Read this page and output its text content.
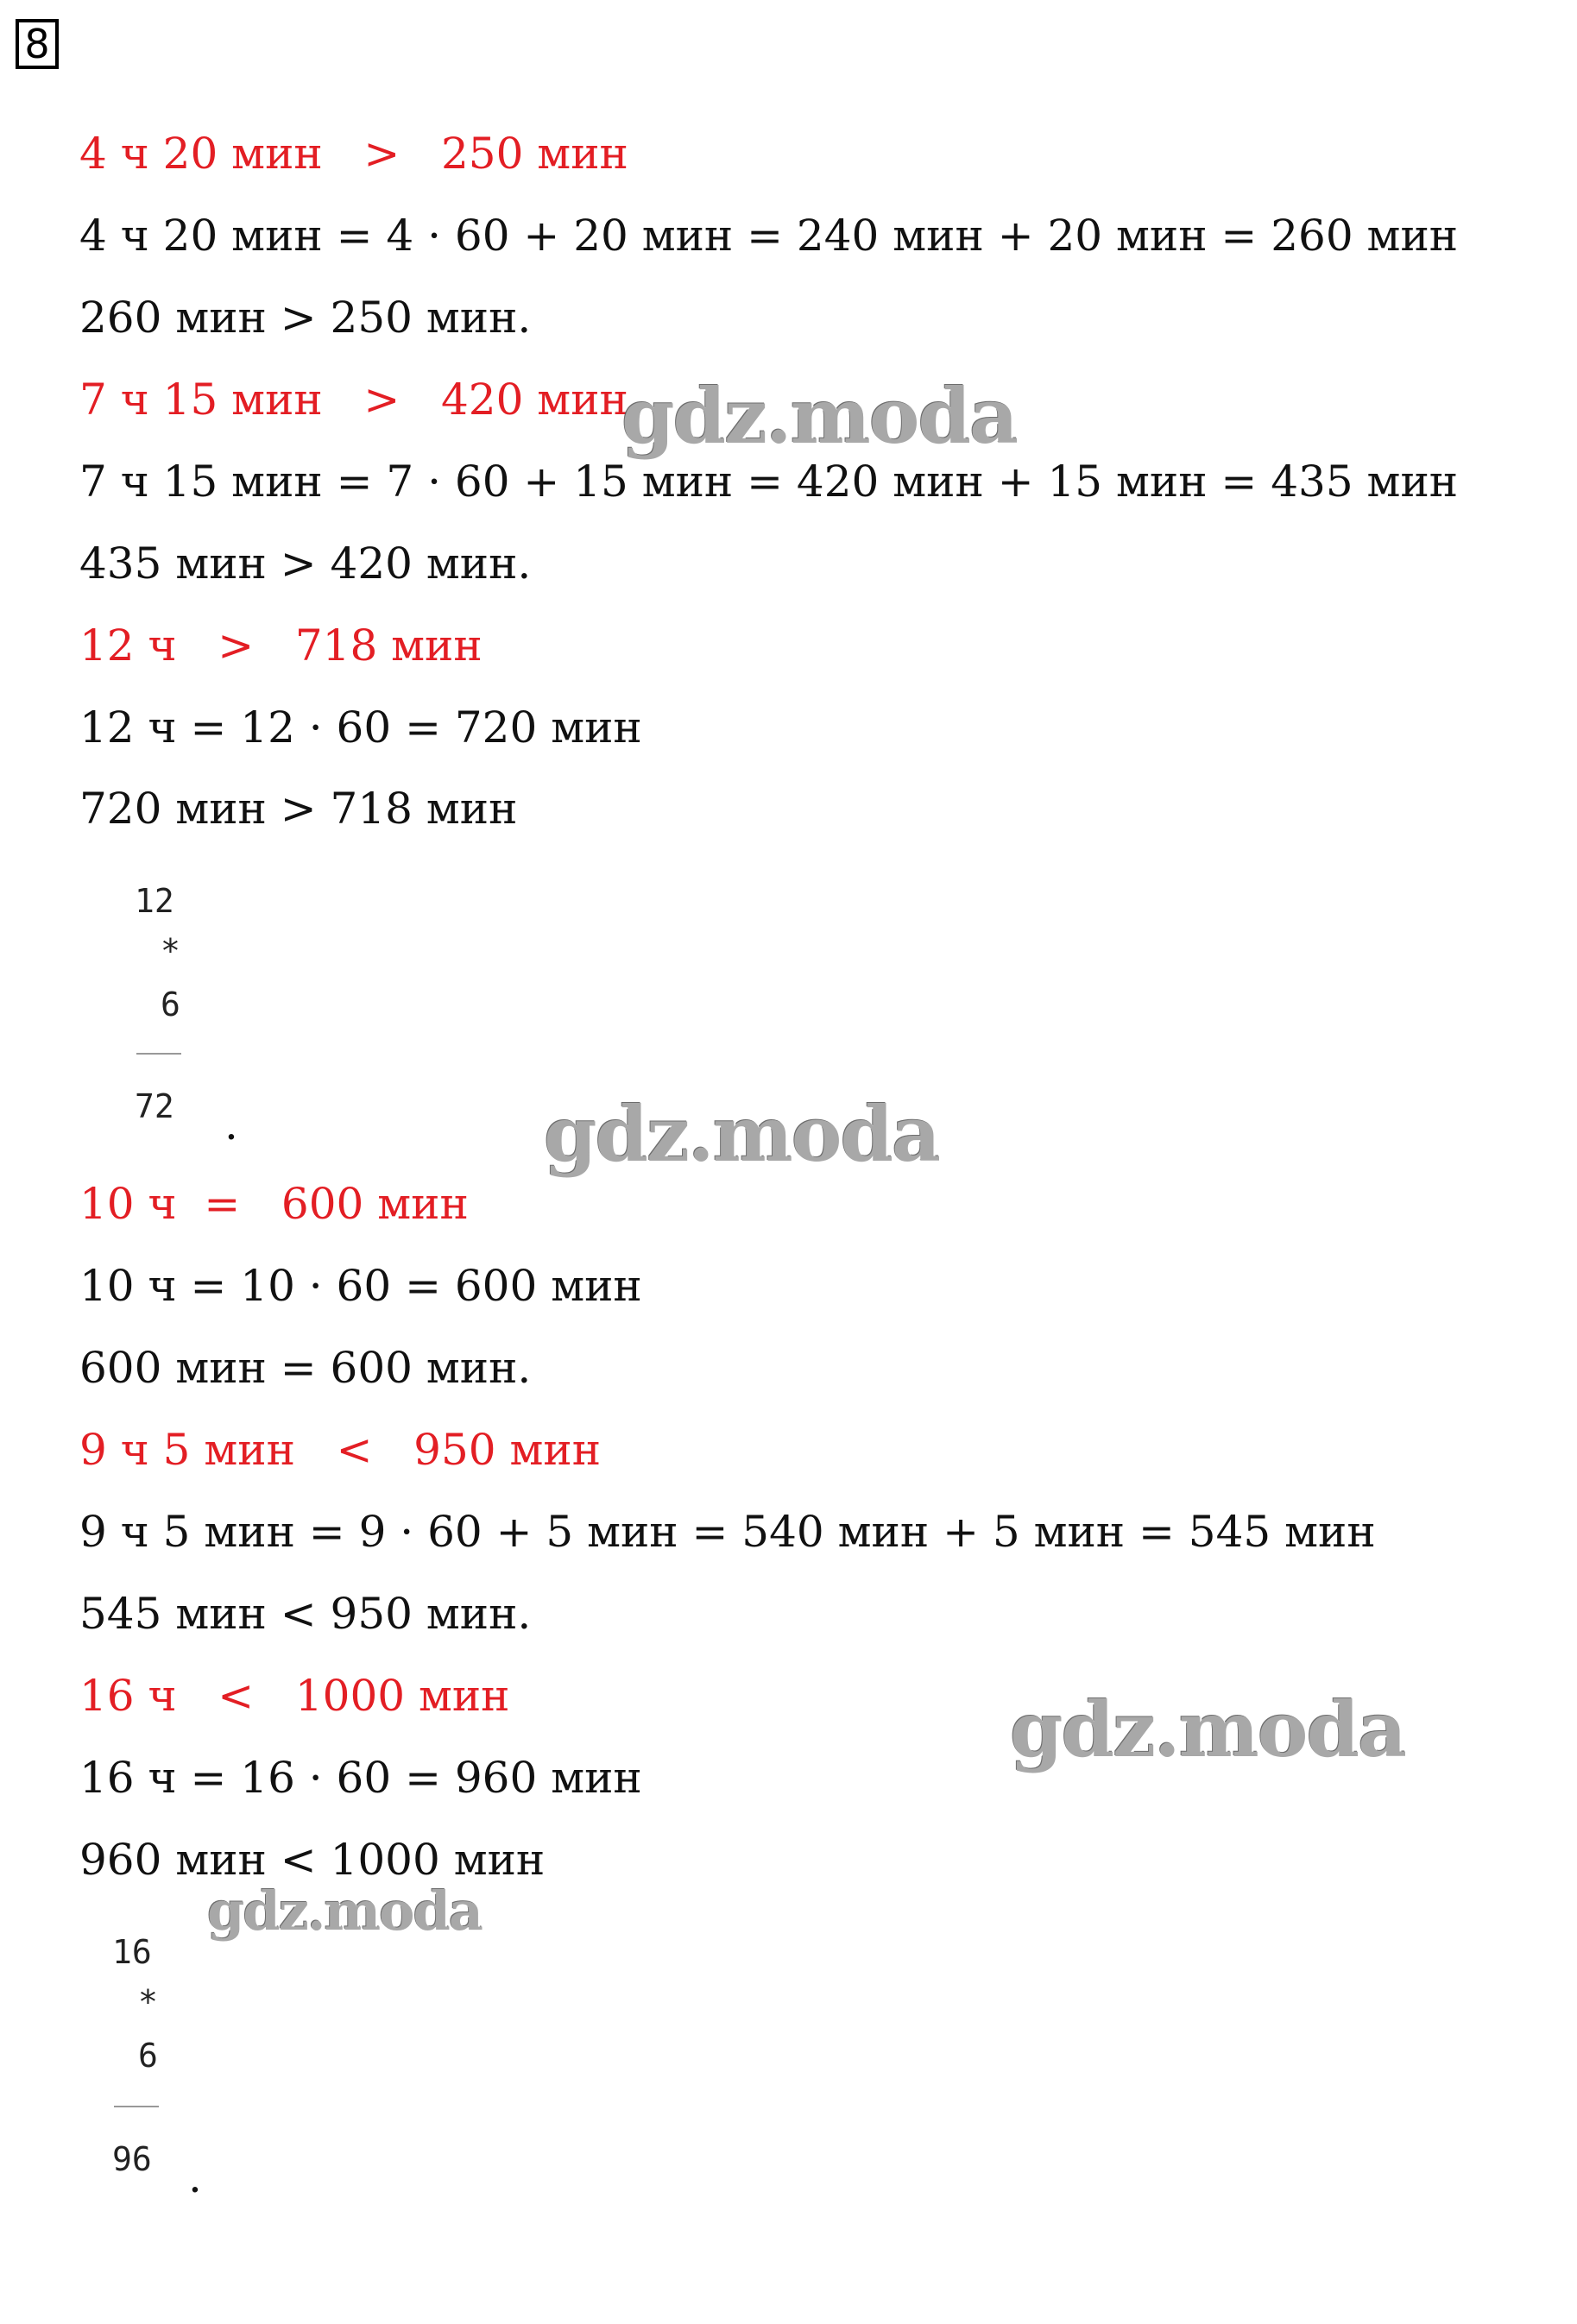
8
4 ч 20 мин   >   250 мин
4 ч 20 мин = 4 · 60 + 20 мин = 240 мин + 20 мин = 260 мин
260 мин > 250 мин.
7 ч 15 мин   >   420 мин
7 ч 15 мин = 7 · 60 + 15 мин = 420 мин + 15 мин = 435 мин
435 мин > 420 мин.
12 ч   >   718 мин
12 ч = 12 · 60 = 720 мин
720 мин > 718 мин
12
*
6
72 .
10 ч  =   600 мин
10 ч = 10 · 60 = 600 мин
600 мин = 600 мин.
9 ч 5 мин   <   950 мин
9 ч 5 мин = 9 · 60 + 5 мин = 540 мин + 5 мин = 545 мин
545 мин < 950 мин.
16 ч   <   1000 мин
16 ч = 16 · 60 = 960 мин
960 мин < 1000 мин
16
*
6
96 .
gdz.moda
gdz.moda
gdz.moda
gdz.moda
